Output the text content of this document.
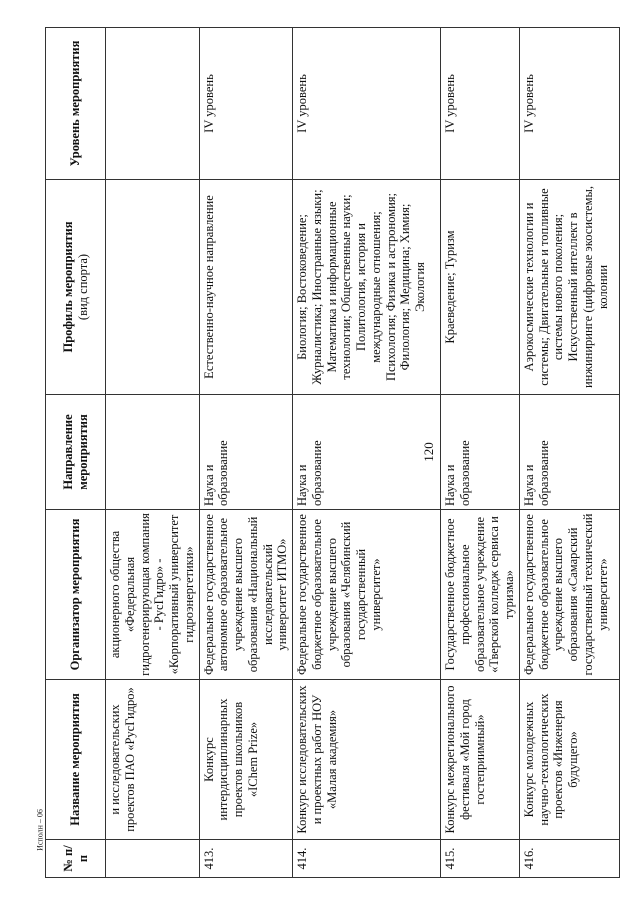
120
Исполн – 06
№ п/п	Название мероприятия	Организатор мероприятия	Направление мероприятия	Профиль мероприятия (вид спорта)	Уровень мероприятия
	и исследовательских проектов ПАО «РусГидро»	акционерного общества «Федеральная гидрогенерирующая компания - РусГидро» - «Корпоративный университет гидроэнергетики»			
413.	Конкурс интердисциплинарных проектов школьников «IChem Prize»	Федеральное государственное автономное образовательное учреждение высшего образования «Национальный исследовательский университет ИТМО»	Наука и образование	Естественно-научное направление	IV уровень
414.	Конкурс исследовательских и проектных работ НОУ «Малая академия»	Федеральное государственное бюджетное образовательное учреждение высшего образования «Челябинский государственный университет»	Наука и образование	Биология; Востоковедение; Журналистика; Иностранные языки; Математика и информационные технологии; Общественные науки; Политология, история и международные отношения; Психология; Физика и астрономия; Филология; Медицина; Химия; Экология	IV уровень
415.	Конкурс межрегионального фестиваля «Мой город гостеприимный»	Государственное бюджетное профессиональное образовательное учреждение «Тверской колледж сервиса и туризма»	Наука и образование	Краеведение; Туризм	IV уровень
416.	Конкурс молодежных научно-технологических проектов «Инженерия будущего»	Федеральное государственное бюджетное образовательное учреждение высшего образования «Самарский государственный технический университет»	Наука и образование	Аэрокосмические технологии и системы; Двигательные и топливные системы нового поколения; Искусственный интеллект в инжиниринге (цифровые экосистемы, колонии	IV уровень
